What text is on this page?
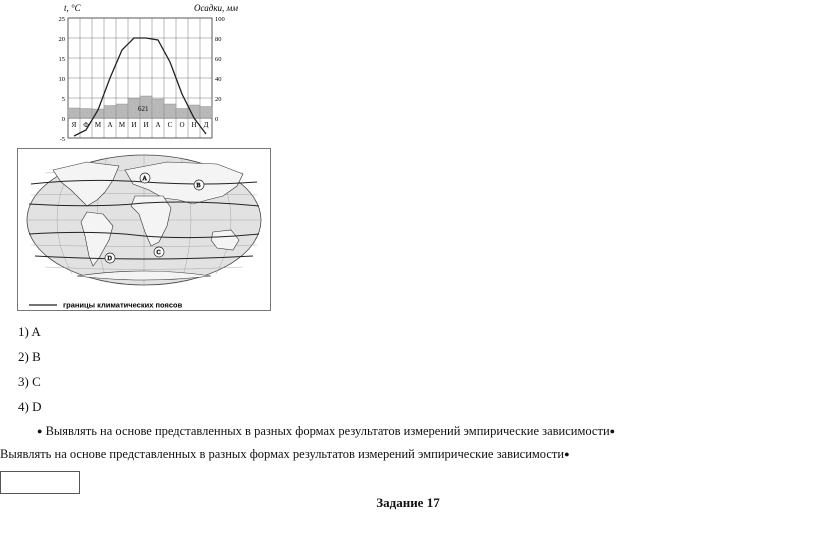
t, °C	Осадки, мм
25
20
15
10
5
0
-5
100
80
60
40
20
0
621
Я Ф М А М И И А С О Н Д
A
B
C
D
границы климатических поясов
1) A
2) B
3) C
4) D
● Выявлять на основе представленных в разных формах результатов измерений эмпирические зависимости●
Выявлять на основе представленных в разных формах результатов измерений эмпирические зависимости●
Задание 17
